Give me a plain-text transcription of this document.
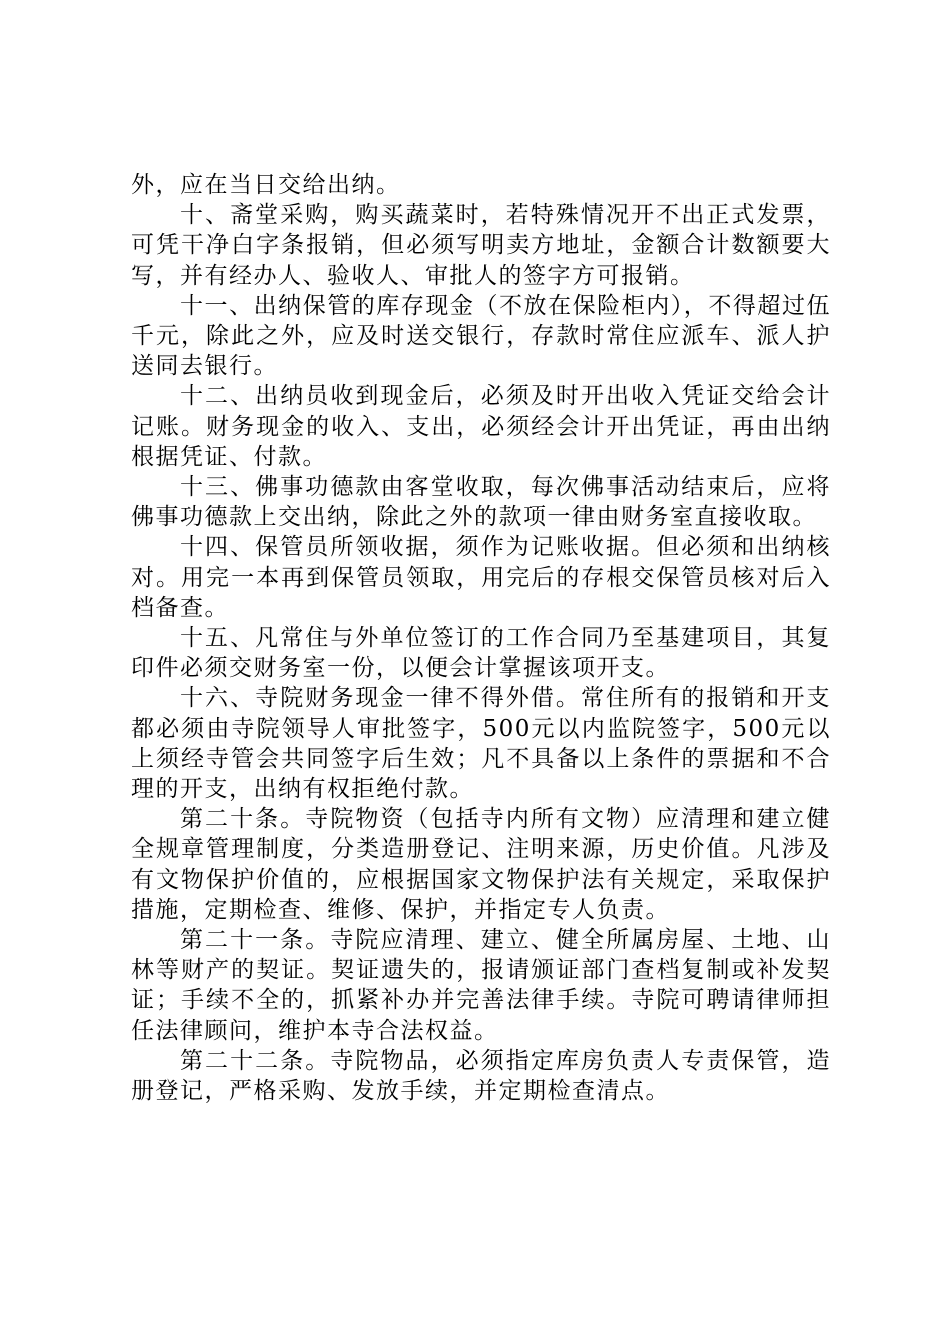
外，应在当日交给出纳。

十、斋堂采购，购买蔬菜时，若特殊情况开不出正式发票，可凭干净白字条报销，但必须写明卖方地址，金额合计数额要大写，并有经办人、验收人、审批人的签字方可报销。

十一、出纳保管的库存现金（不放在保险柜内），不得超过伍千元，除此之外，应及时送交银行，存款时常住应派车、派人护送同去银行。

十二、出纳员收到现金后，必须及时开出收入凭证交给会计记账。财务现金的收入、支出，必须经会计开出凭证，再由出纳根据凭证、付款。

十三、佛事功德款由客堂收取，每次佛事活动结束后，应将佛事功德款上交出纳，除此之外的款项一律由财务室直接收取。

十四、保管员所领收据，须作为记账收据。但必须和出纳核对。用完一本再到保管员领取，用完后的存根交保管员核对后入档备查。

十五、凡常住与外单位签订的工作合同乃至基建项目，其复印件必须交财务室一份，以便会计掌握该项开支。

十六、寺院财务现金一律不得外借。常住所有的报销和开支都必须由寺院领导人审批签字，500元以内监院签字，500元以上须经寺管会共同签字后生效；凡不具备以上条件的票据和不合理的开支，出纳有权拒绝付款。

第二十条。寺院物资（包括寺内所有文物）应清理和建立健全规章管理制度，分类造册登记、注明来源，历史价值。凡涉及有文物保护价值的，应根据国家文物保护法有关规定，采取保护措施，定期检查、维修、保护，并指定专人负责。

第二十一条。寺院应清理、建立、健全所属房屋、土地、山林等财产的契证。契证遗失的，报请颁证部门查档复制或补发契证；手续不全的，抓紧补办并完善法律手续。寺院可聘请律师担任法律顾问，维护本寺合法权益。

第二十二条。寺院物品，必须指定库房负责人专责保管，造册登记，严格采购、发放手续，并定期检查清点。
